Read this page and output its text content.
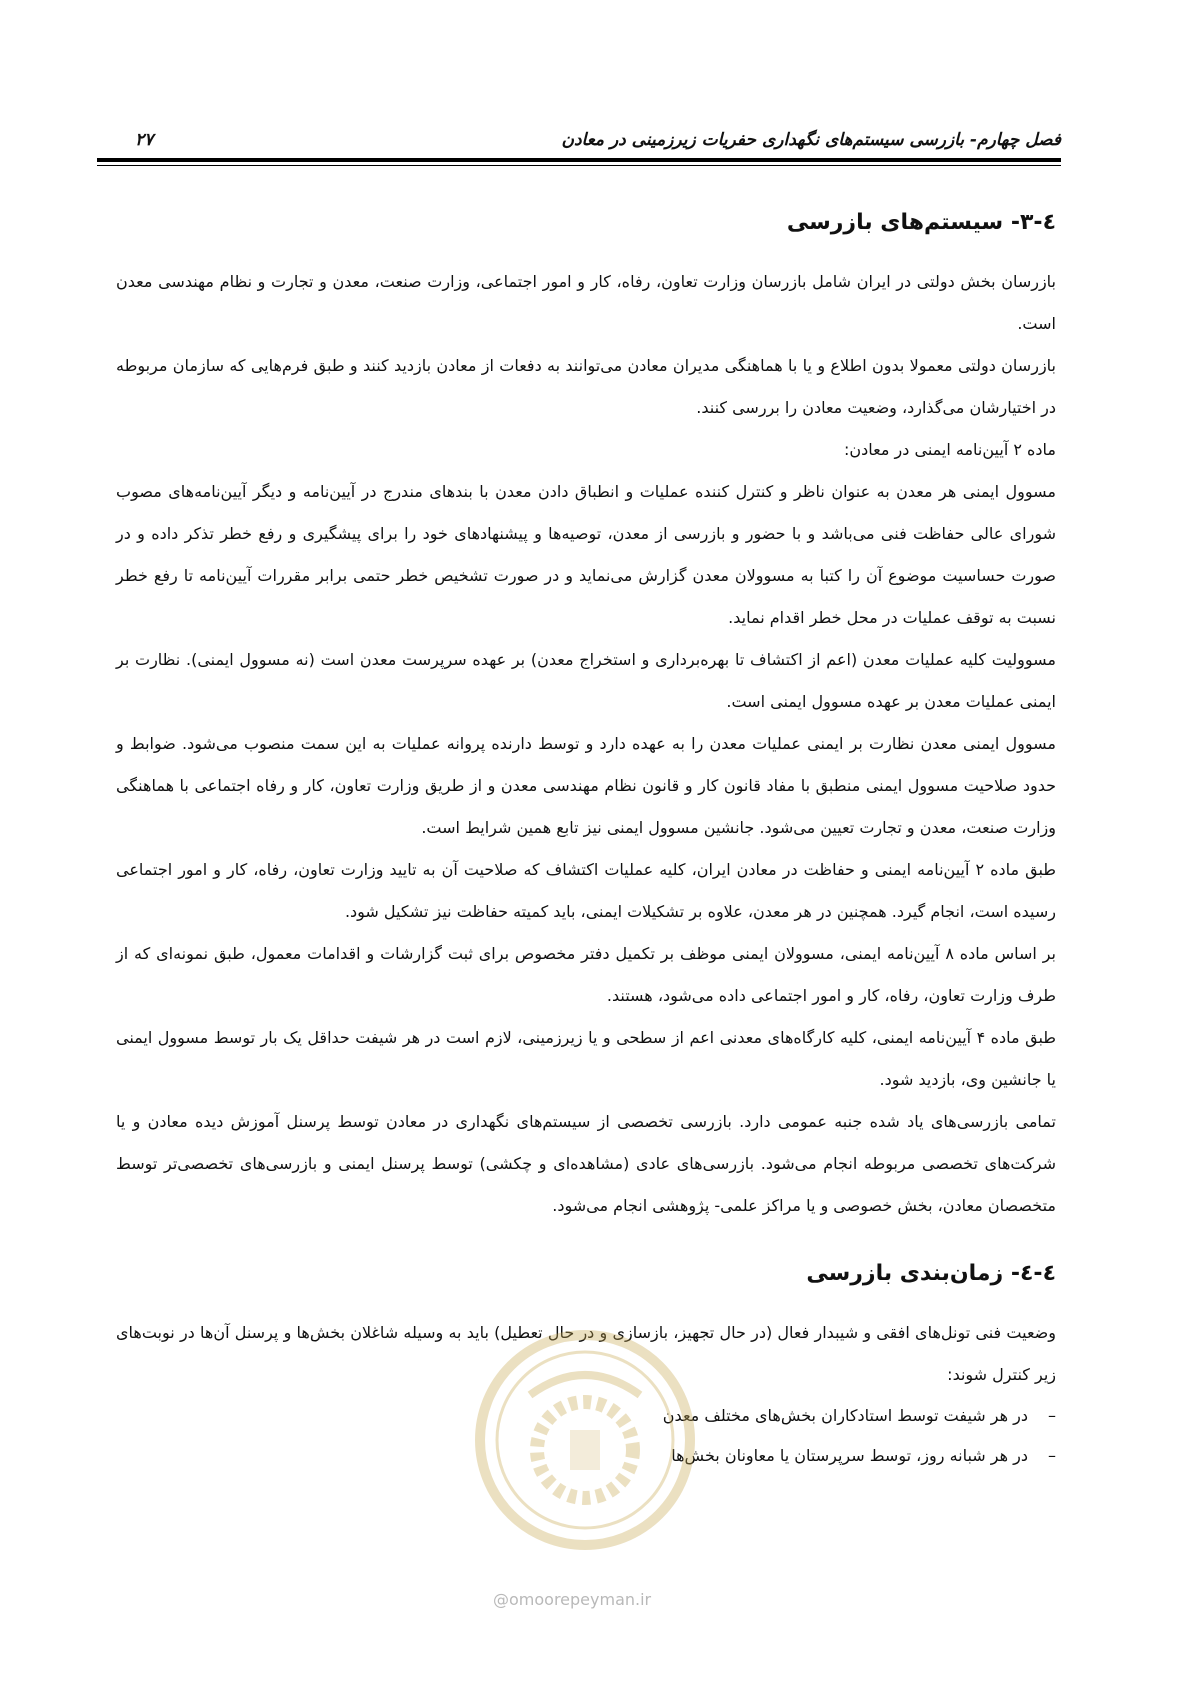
فصل چهارم- بازرسی سیستم‌های نگهداری حفریات زیرزمینی در معادن
۲۷
٤-٣- سیستم‌های بازرسی

بازرسان بخش دولتی در ایران شامل بازرسان وزارت تعاون، رفاه، کار و امور اجتماعی، وزارت صنعت، معدن و تجارت و نظام مهندسی معدن است.

بازرسان دولتی معمولا بدون اطلاع و یا با هماهنگی مدیران معادن می‌توانند به دفعات از معادن بازدید کنند و طبق فرم‌هایی که سازمان مربوطه در اختیارشان می‌گذارد، وضعیت معادن را بررسی کنند.

ماده ۲ آیین‌نامه ایمنی در معادن:

مسوول ایمنی هر معدن به عنوان ناظر و کنترل کننده عملیات و انطباق دادن معدن با بندهای مندرج در آیین‌نامه و دیگر آیین‌نامه‌های مصوب شورای عالی حفاظت فنی می‌باشد و با حضور و بازرسی از معدن، توصیه‌ها و پیشنهادهای خود را برای پیشگیری و رفع خطر تذکر داده و در صورت حساسیت موضوع آن را کتبا به مسوولان معدن گزارش می‌نماید و در صورت تشخیص خطر حتمی برابر مقررات آیین‌نامه تا رفع خطر نسبت به توقف عملیات در محل خطر اقدام نماید.

مسوولیت کلیه عملیات معدن (اعم از اکتشاف تا بهره‌برداری و استخراج معدن) بر عهده سرپرست معدن است (نه مسوول ایمنی). نظارت بر ایمنی عملیات معدن بر عهده مسوول ایمنی است.

مسوول ایمنی معدن نظارت بر ایمنی عملیات معدن را به عهده دارد و توسط دارنده پروانه عملیات به این سمت منصوب می‌شود. ضوابط و حدود صلاحیت مسوول ایمنی منطبق با مفاد قانون کار و قانون نظام مهندسی معدن و از طریق وزارت تعاون، کار و رفاه اجتماعی با هماهنگی وزارت صنعت، معدن و تجارت تعیین می‌شود. جانشین مسوول ایمنی نیز تابع همین شرایط است.

طبق ماده ۲ آیین‌نامه ایمنی و حفاظت در معادن ایران، کلیه عملیات اکتشاف که صلاحیت آن به تایید وزارت تعاون، رفاه، کار و امور اجتماعی رسیده است، انجام گیرد. همچنین در هر معدن، علاوه بر تشکیلات ایمنی، باید کمیته حفاظت نیز تشکیل شود.

بر اساس ماده ۸ آیین‌نامه ایمنی، مسوولان ایمنی موظف بر تکمیل دفتر مخصوص برای ثبت گزارشات و اقدامات معمول، طبق نمونه‌ای که از طرف وزارت تعاون، رفاه، کار و امور اجتماعی داده می‌شود، هستند.

طبق ماده ۴ آیین‌نامه ایمنی، کلیه کارگاه‌های معدنی اعم از سطحی و یا زیرزمینی، لازم است در هر شیفت حداقل یک بار توسط مسوول ایمنی یا جانشین وی، بازدید شود.

تمامی بازرسی‌های یاد شده جنبه عمومی دارد. بازرسی تخصصی از سیستم‌های نگهداری در معادن توسط پرسنل آموزش دیده معادن و یا شرکت‌های تخصصی مربوطه انجام می‌شود. بازرسی‌های عادی (مشاهده‌ای و چکشی) توسط پرسنل ایمنی و بازرسی‌های تخصصی‌تر توسط متخصصان معادن، بخش خصوصی و یا مراکز علمی- پژوهشی انجام می‌شود.

٤-٤- زمان‌بندی بازرسی

وضعیت فنی تونل‌های افقی و شیبدار فعال (در حال تجهیز، بازسازی و در حال تعطیل) باید به وسیله شاغلان بخش‌ها و پرسنل آن‌ها در نوبت‌های زیر کنترل شوند:

–
در هر شیفت توسط استادکاران بخش‌های مختلف معدن
–
در هر شبانه روز، توسط سرپرستان یا معاونان بخش‌ها
@omoorepeyman.ir
